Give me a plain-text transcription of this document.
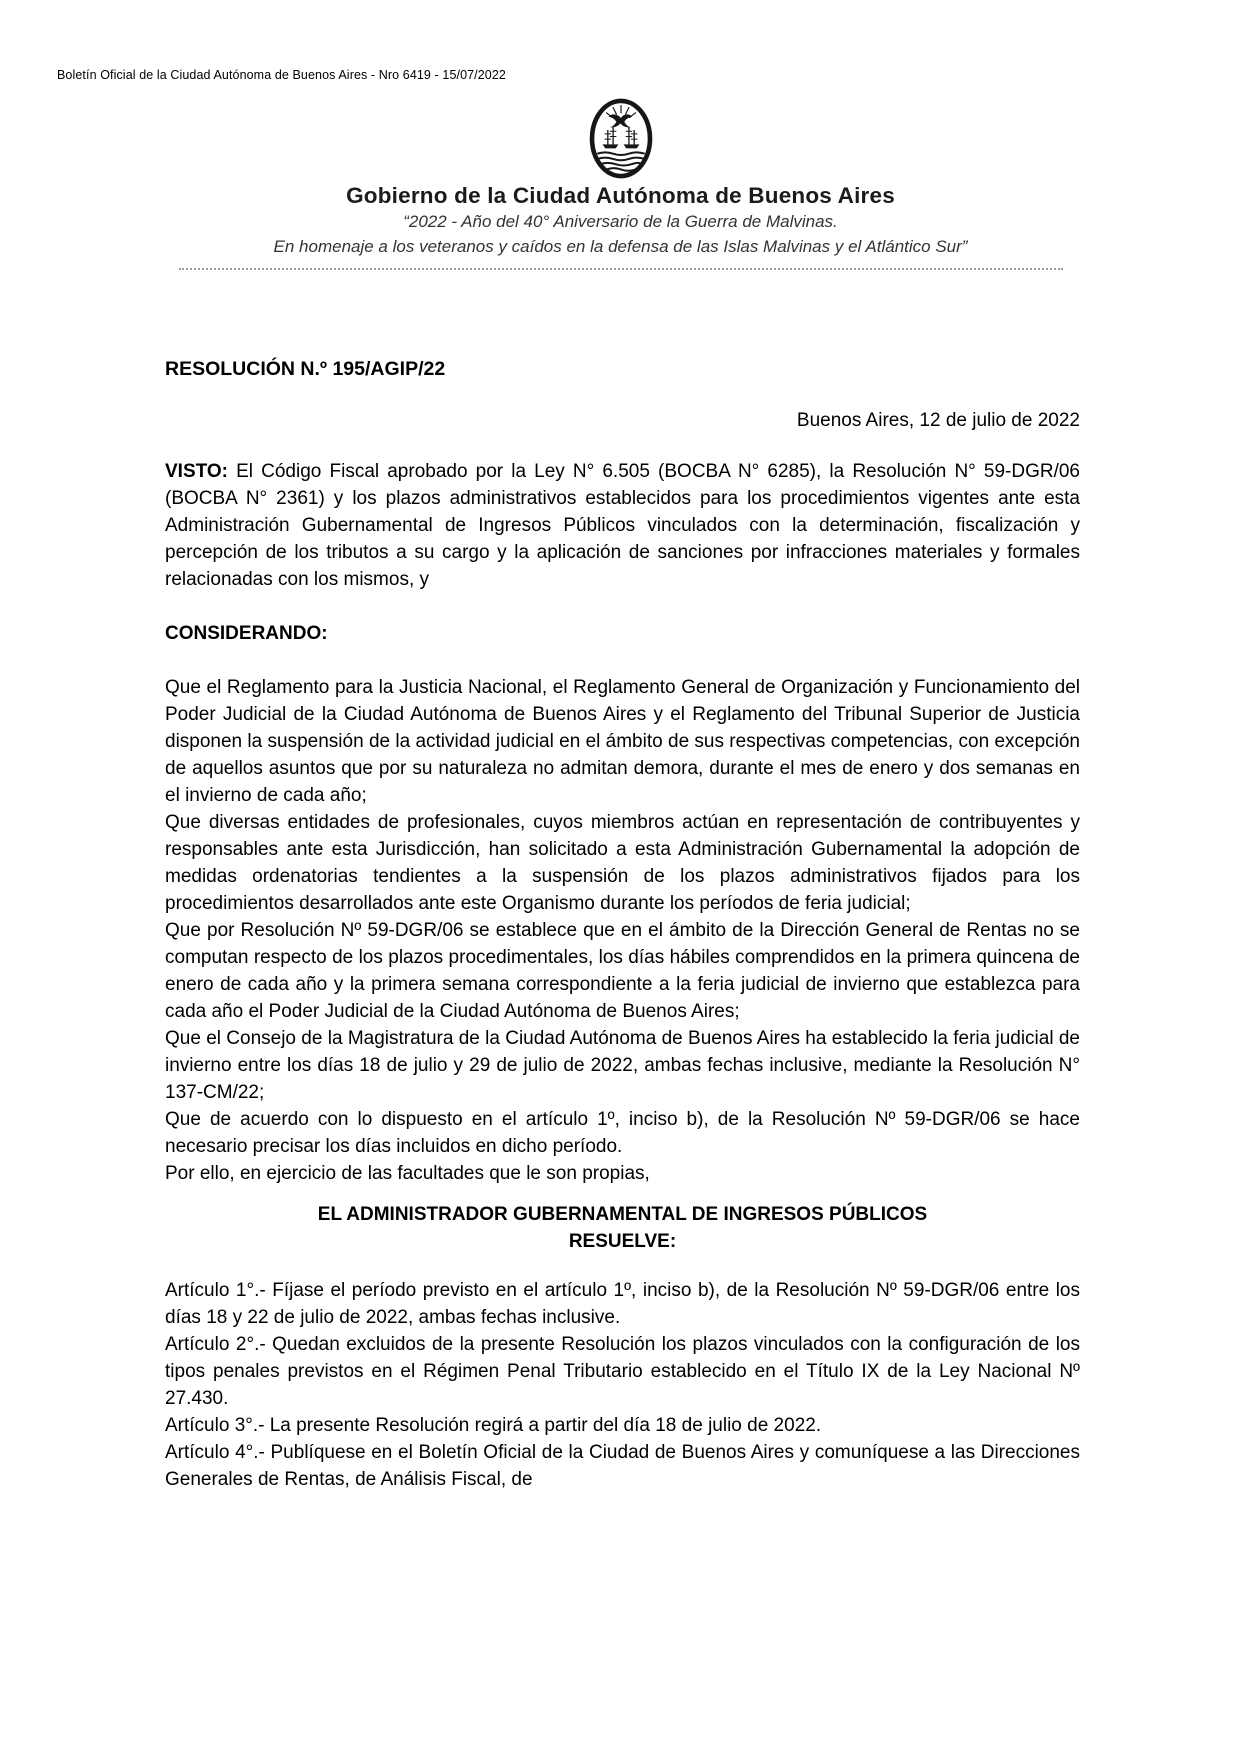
Boletín Oficial de la Ciudad Autónoma de Buenos Aires - Nro 6419 - 15/07/2022
Gobierno de la Ciudad Autónoma de Buenos Aires
“2022 - Año del 40° Aniversario de la Guerra de Malvinas.
En homenaje a los veteranos y caídos en la defensa de las Islas Malvinas y el Atlántico Sur”
RESOLUCIÓN N.º 195/AGIP/22

Buenos Aires, 12 de julio de 2022

VISTO: El Código Fiscal aprobado por la Ley N° 6.505 (BOCBA N° 6285), la Resolución N° 59-DGR/06 (BOCBA N° 2361) y los plazos administrativos establecidos para los procedimientos vigentes ante esta Administración Gubernamental de Ingresos Públicos vinculados con la determinación, fiscalización y percepción de los tributos a su cargo y la aplicación de sanciones por infracciones materiales y formales relacionadas con los mismos, y

CONSIDERANDO:

Que el Reglamento para la Justicia Nacional, el Reglamento General de Organización y Funcionamiento del Poder Judicial de la Ciudad Autónoma de Buenos Aires y el Reglamento del Tribunal Superior de Justicia disponen la suspensión de la actividad judicial en el ámbito de sus respectivas competencias, con excepción de aquellos asuntos que por su naturaleza no admitan demora, durante el mes de enero y dos semanas en el invierno de cada año;

Que diversas entidades de profesionales, cuyos miembros actúan en representación de contribuyentes y responsables ante esta Jurisdicción, han solicitado a esta Administración Gubernamental la adopción de medidas ordenatorias tendientes a la suspensión de los plazos administrativos fijados para los procedimientos desarrollados ante este Organismo durante los períodos de feria judicial;

Que por Resolución Nº 59-DGR/06 se establece que en el ámbito de la Dirección General de Rentas no se computan respecto de los plazos procedimentales, los días hábiles comprendidos en la primera quincena de enero de cada año y la primera semana correspondiente a la feria judicial de invierno que establezca para cada año el Poder Judicial de la Ciudad Autónoma de Buenos Aires;

Que el Consejo de la Magistratura de la Ciudad Autónoma de Buenos Aires ha establecido la feria judicial de invierno entre los días 18 de julio y 29 de julio de 2022, ambas fechas inclusive, mediante la Resolución N° 137-CM/22;

Que de acuerdo con lo dispuesto en el artículo 1º, inciso b), de la Resolución Nº 59-DGR/06 se hace necesario precisar los días incluidos en dicho período.

Por ello, en ejercicio de las facultades que le son propias,

EL ADMINISTRADOR GUBERNAMENTAL DE INGRESOS PÚBLICOS
RESUELVE:

Artículo 1°.- Fíjase el período previsto en el artículo 1º, inciso b), de la Resolución Nº 59-DGR/06 entre los días 18 y 22 de julio de 2022, ambas fechas inclusive.

Artículo 2°.- Quedan excluidos de la presente Resolución los plazos vinculados con la configuración de los tipos penales previstos en el Régimen Penal Tributario establecido en el Título IX de la Ley Nacional Nº 27.430.

Artículo 3°.- La presente Resolución regirá a partir del día 18 de julio de 2022.

Artículo 4°.- Publíquese en el Boletín Oficial de la Ciudad de Buenos Aires y comuníquese a las Direcciones Generales de Rentas, de Análisis Fiscal, de
